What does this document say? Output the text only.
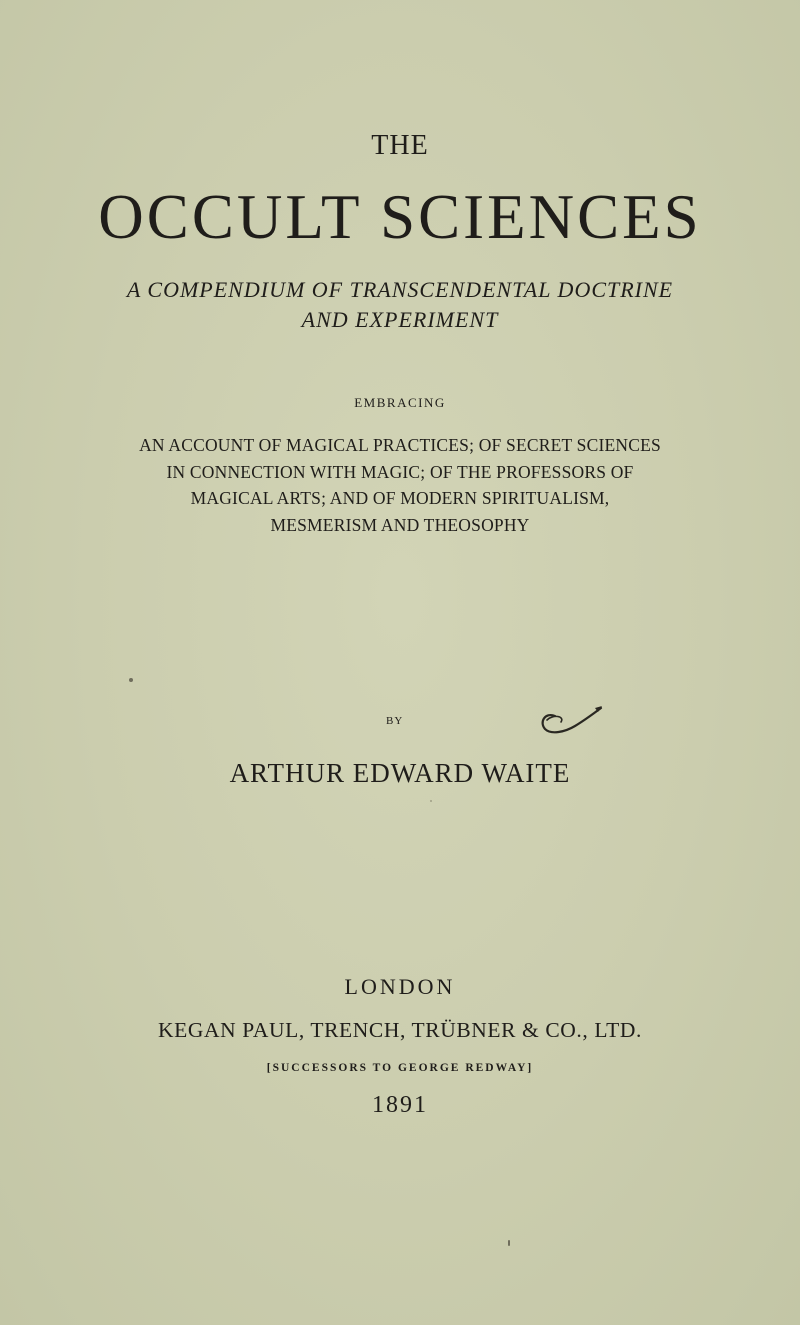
THE
OCCULT SCIENCES
A COMPENDIUM OF TRANSCENDENTAL DOCTRINE
AND EXPERIMENT
EMBRACING
AN ACCOUNT OF MAGICAL PRACTICES; OF SECRET SCIENCES
IN CONNECTION WITH MAGIC; OF THE PROFESSORS OF
MAGICAL ARTS; AND OF MODERN SPIRITUALISM,
MESMERISM AND THEOSOPHY
BY
ARTHUR EDWARD WAITE
LONDON
KEGAN PAUL, TRENCH, TRÜBNER & CO., LTD.
[SUCCESSORS TO GEORGE REDWAY]
1891
